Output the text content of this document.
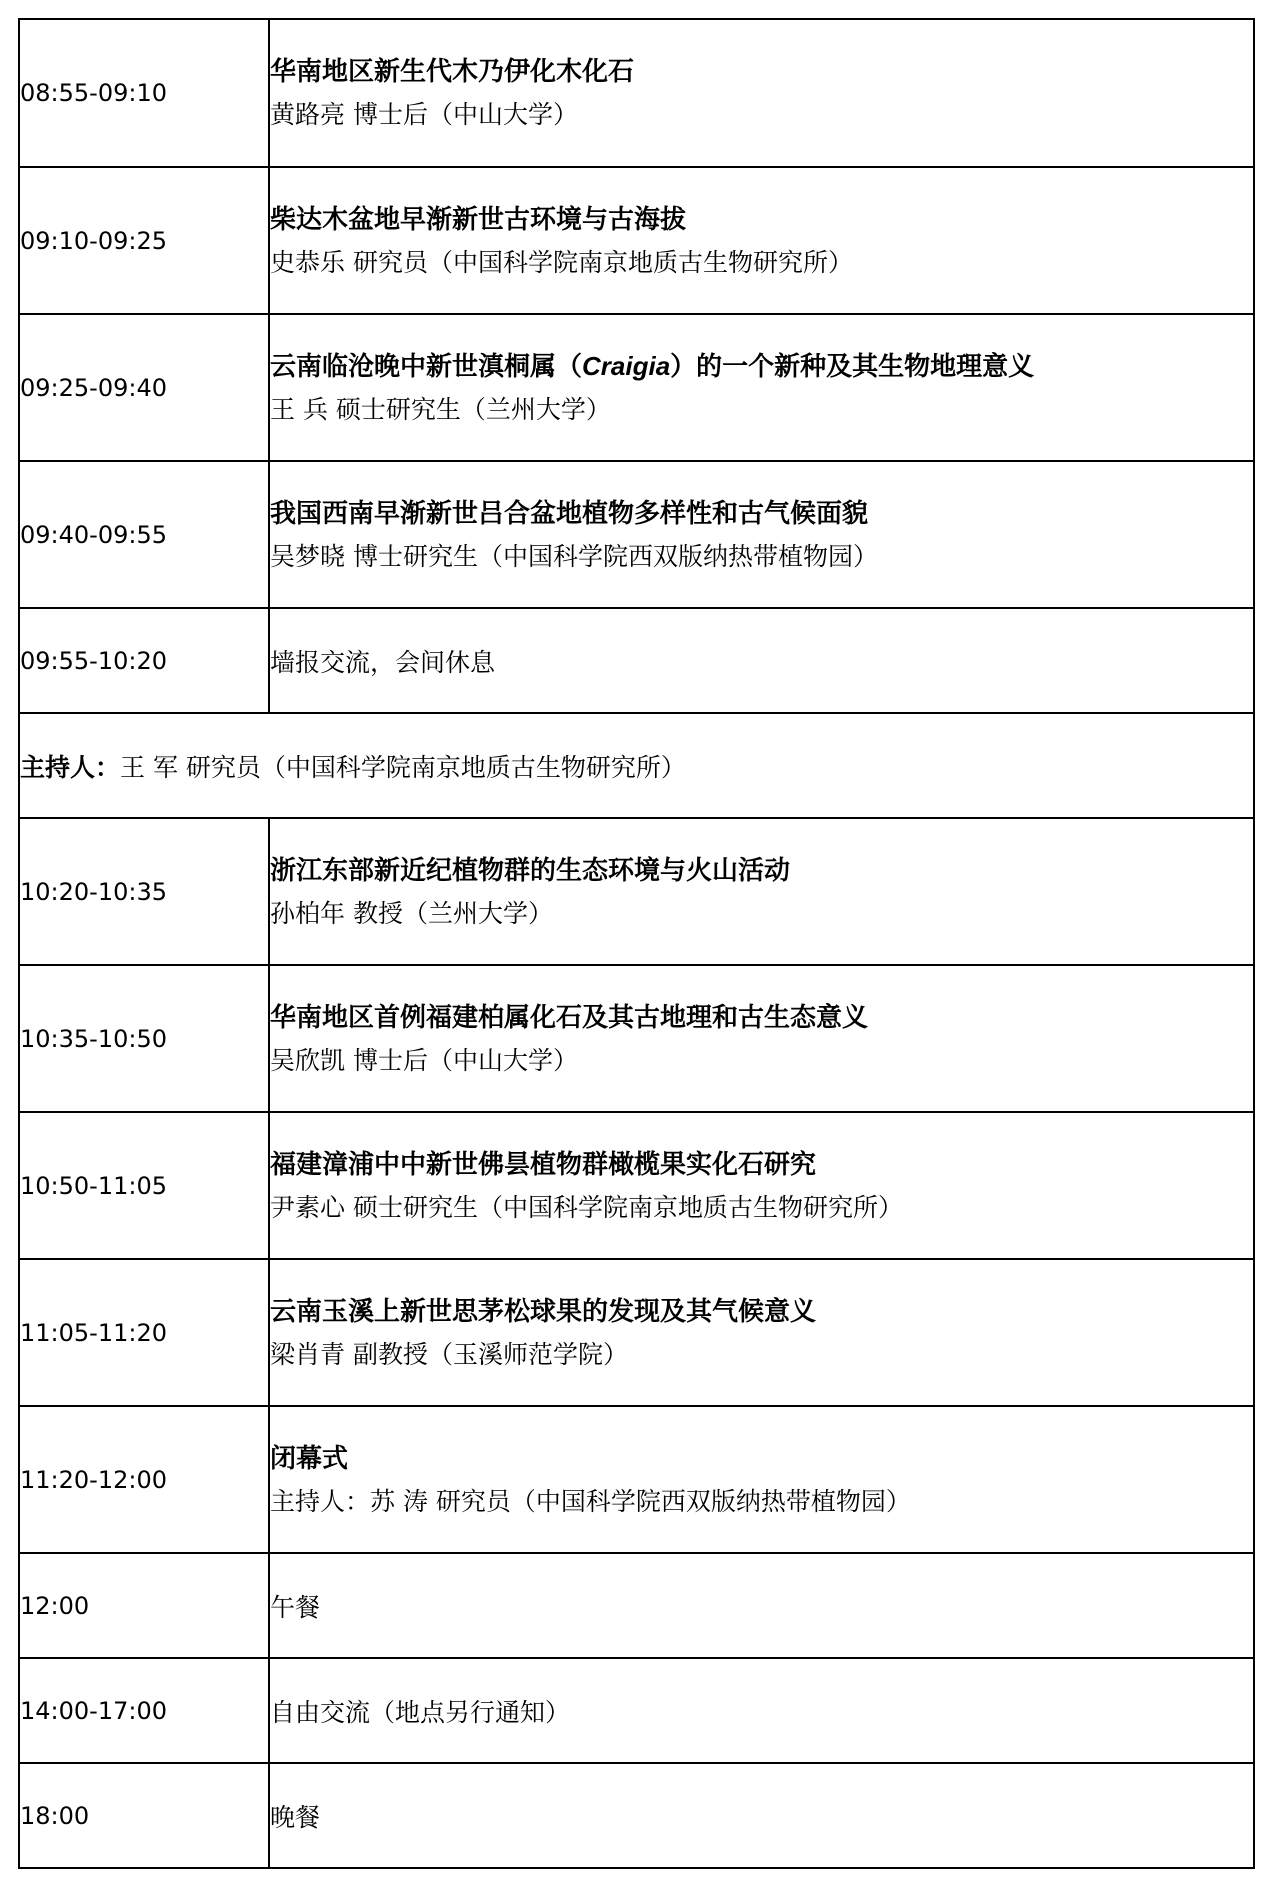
08:55-09:10	华南地区新生代木乃伊化木化石
黄路亮 博士后（中山大学）

09:10-09:25	柴达木盆地早渐新世古环境与古海拔
史恭乐 研究员（中国科学院南京地质古生物研究所）

09:25-09:40	云南临沧晚中新世滇桐属（Craigia）的一个新种及其生物地理意义
王 兵 硕士研究生（兰州大学）

09:40-09:55	我国西南早渐新世吕合盆地植物多样性和古气候面貌
吴梦晓 博士研究生（中国科学院西双版纳热带植物园）

09:55-10:20	墙报交流，会间休息
主持人：王 军 研究员（中国科学院南京地质古生物研究所）	
10:20-10:35	浙江东部新近纪植物群的生态环境与火山活动
孙柏年 教授（兰州大学）

10:35-10:50	华南地区首例福建柏属化石及其古地理和古生态意义
吴欣凯 博士后（中山大学）

10:50-11:05	福建漳浦中中新世佛昙植物群橄榄果实化石研究
尹素心 硕士研究生（中国科学院南京地质古生物研究所）

11:05-11:20	云南玉溪上新世思茅松球果的发现及其气候意义
梁肖青 副教授（玉溪师范学院）

11:20-12:00	闭幕式
主持人：苏 涛 研究员（中国科学院西双版纳热带植物园）

12:00	午餐
14:00-17:00	自由交流（地点另行通知）
18:00	晚餐
